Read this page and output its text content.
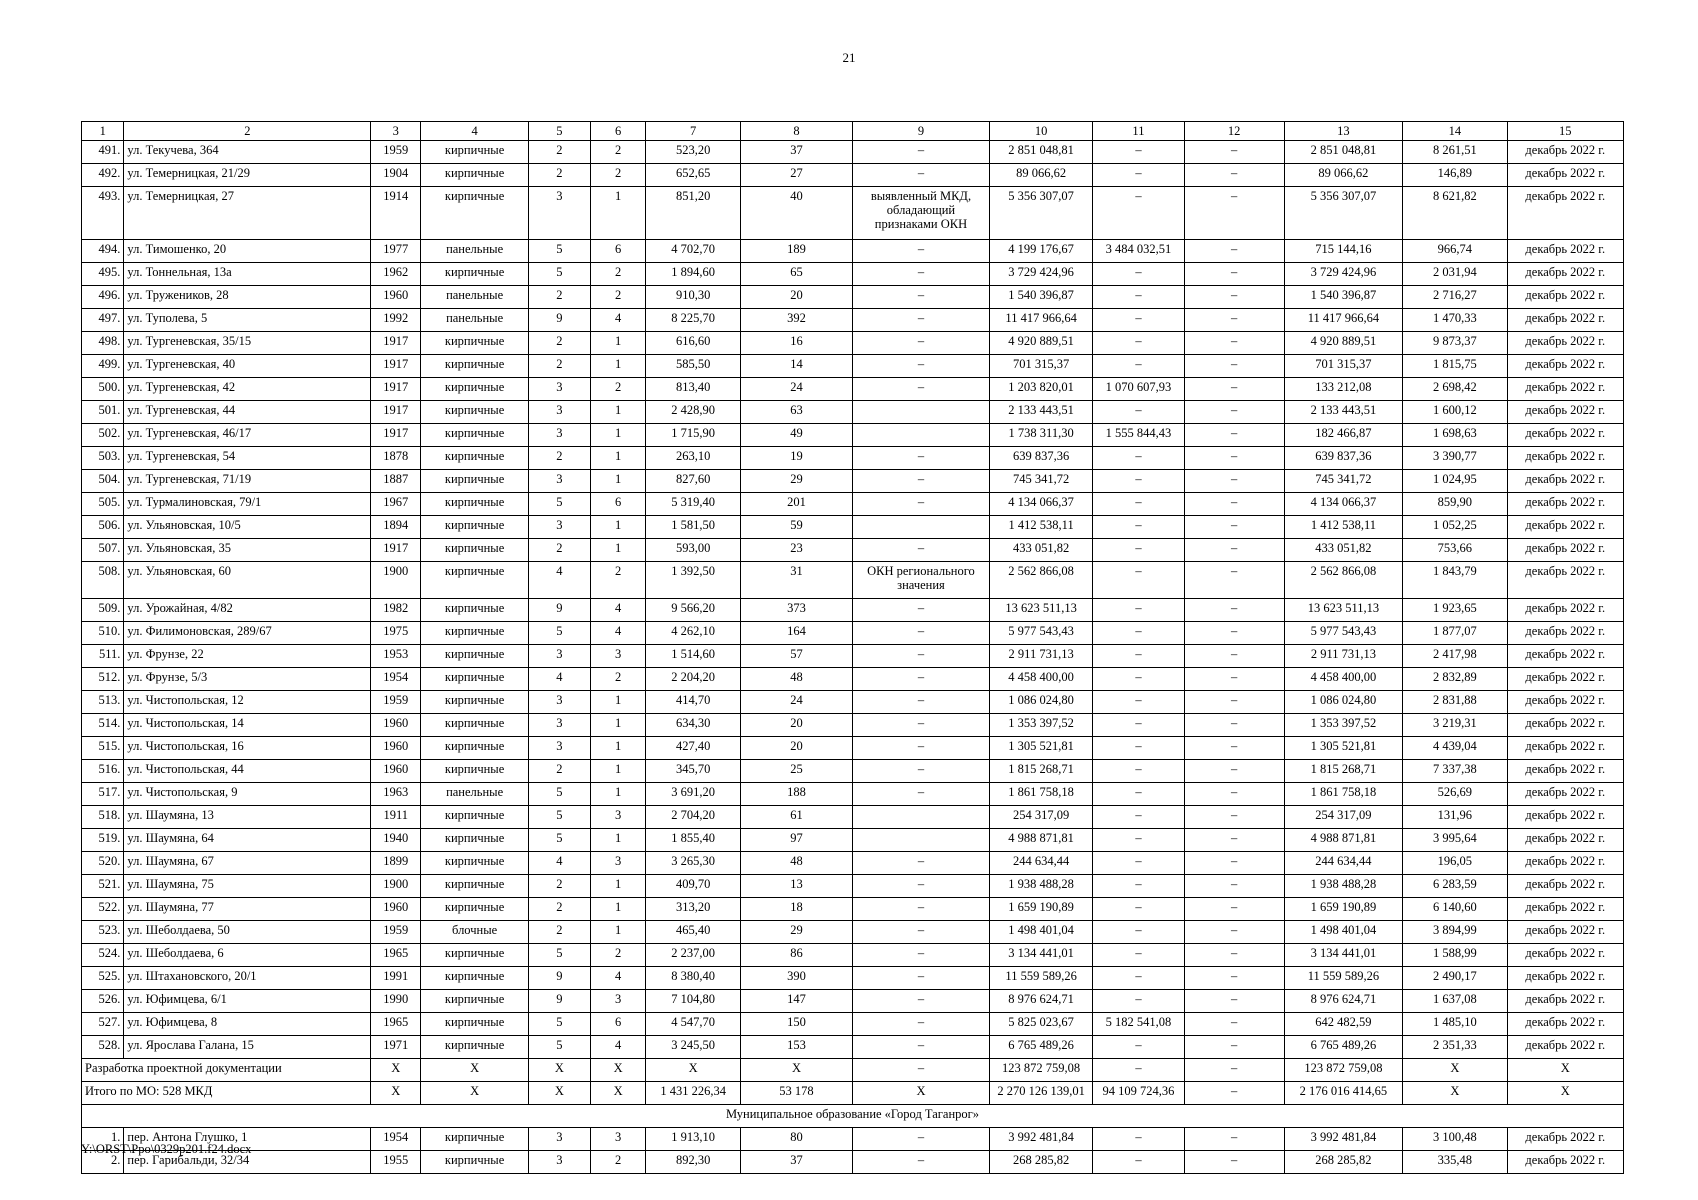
21
1	2	3	4	5	6	7	8	9	10	11	12	13	14	15
491.	ул. Текучева, 364	1959	кирпичные	2	2	523,20	37	–	2 851 048,81	–	–	2 851 048,81	8 261,51	декабрь 2022 г.
492.	ул. Темерницкая, 21/29	1904	кирпичные	2	2	652,65	27	–	89 066,62	–	–	89 066,62	146,89	декабрь 2022 г.
493.	ул. Темерницкая, 27	1914	кирпичные	3	1	851,20	40	выявленный МКД, обладающий признаками ОКН	5 356 307,07	–	–	5 356 307,07	8 621,82	декабрь 2022 г.
494.	ул. Тимошенко, 20	1977	панельные	5	6	4 702,70	189	–	4 199 176,67	3 484 032,51	–	715 144,16	966,74	декабрь 2022 г.
495.	ул. Тоннельная, 13а	1962	кирпичные	5	2	1 894,60	65	–	3 729 424,96	–	–	3 729 424,96	2 031,94	декабрь 2022 г.
496.	ул. Тружеников, 28	1960	панельные	2	2	910,30	20	–	1 540 396,87	–	–	1 540 396,87	2 716,27	декабрь 2022 г.
497.	ул. Туполева, 5	1992	панельные	9	4	8 225,70	392	–	11 417 966,64	–	–	11 417 966,64	1 470,33	декабрь 2022 г.
498.	ул. Тургеневская, 35/15	1917	кирпичные	2	1	616,60	16	–	4 920 889,51	–	–	4 920 889,51	9 873,37	декабрь 2022 г.
499.	ул. Тургеневская, 40	1917	кирпичные	2	1	585,50	14	–	701 315,37	–	–	701 315,37	1 815,75	декабрь 2022 г.
500.	ул. Тургеневская, 42	1917	кирпичные	3	2	813,40	24	–	1 203 820,01	1 070 607,93	–	133 212,08	2 698,42	декабрь 2022 г.
501.	ул. Тургеневская, 44	1917	кирпичные	3	1	2 428,90	63		2 133 443,51	–	–	2 133 443,51	1 600,12	декабрь 2022 г.
502.	ул. Тургеневская, 46/17	1917	кирпичные	3	1	1 715,90	49		1 738 311,30	1 555 844,43	–	182 466,87	1 698,63	декабрь 2022 г.
503.	ул. Тургеневская, 54	1878	кирпичные	2	1	263,10	19	–	639 837,36	–	–	639 837,36	3 390,77	декабрь 2022 г.
504.	ул. Тургеневская, 71/19	1887	кирпичные	3	1	827,60	29	–	745 341,72	–	–	745 341,72	1 024,95	декабрь 2022 г.
505.	ул. Турмалиновская, 79/1	1967	кирпичные	5	6	5 319,40	201	–	4 134 066,37	–	–	4 134 066,37	859,90	декабрь 2022 г.
506.	ул. Ульяновская, 10/5	1894	кирпичные	3	1	1 581,50	59		1 412 538,11	–	–	1 412 538,11	1 052,25	декабрь 2022 г.
507.	ул. Ульяновская, 35	1917	кирпичные	2	1	593,00	23	–	433 051,82	–	–	433 051,82	753,66	декабрь 2022 г.
508.	ул. Ульяновская, 60	1900	кирпичные	4	2	1 392,50	31	ОКН регионального значения	2 562 866,08	–	–	2 562 866,08	1 843,79	декабрь 2022 г.
509.	ул. Урожайная, 4/82	1982	кирпичные	9	4	9 566,20	373	–	13 623 511,13	–	–	13 623 511,13	1 923,65	декабрь 2022 г.
510.	ул. Филимоновская, 289/67	1975	кирпичные	5	4	4 262,10	164	–	5 977 543,43	–	–	5 977 543,43	1 877,07	декабрь 2022 г.
511.	ул. Фрунзе, 22	1953	кирпичные	3	3	1 514,60	57	–	2 911 731,13	–	–	2 911 731,13	2 417,98	декабрь 2022 г.
512.	ул. Фрунзе, 5/3	1954	кирпичные	4	2	2 204,20	48	–	4 458 400,00	–	–	4 458 400,00	2 832,89	декабрь 2022 г.
513.	ул. Чистопольская, 12	1959	кирпичные	3	1	414,70	24	–	1 086 024,80	–	–	1 086 024,80	2 831,88	декабрь 2022 г.
514.	ул. Чистопольская, 14	1960	кирпичные	3	1	634,30	20	–	1 353 397,52	–	–	1 353 397,52	3 219,31	декабрь 2022 г.
515.	ул. Чистопольская, 16	1960	кирпичные	3	1	427,40	20	–	1 305 521,81	–	–	1 305 521,81	4 439,04	декабрь 2022 г.
516.	ул. Чистопольская, 44	1960	кирпичные	2	1	345,70	25	–	1 815 268,71	–	–	1 815 268,71	7 337,38	декабрь 2022 г.
517.	ул. Чистопольская, 9	1963	панельные	5	1	3 691,20	188	–	1 861 758,18	–	–	1 861 758,18	526,69	декабрь 2022 г.
518.	ул. Шаумяна, 13	1911	кирпичные	5	3	2 704,20	61		254 317,09	–	–	254 317,09	131,96	декабрь 2022 г.
519.	ул. Шаумяна, 64	1940	кирпичные	5	1	1 855,40	97		4 988 871,81	–	–	4 988 871,81	3 995,64	декабрь 2022 г.
520.	ул. Шаумяна, 67	1899	кирпичные	4	3	3 265,30	48	–	244 634,44	–	–	244 634,44	196,05	декабрь 2022 г.
521.	ул. Шаумяна, 75	1900	кирпичные	2	1	409,70	13	–	1 938 488,28	–	–	1 938 488,28	6 283,59	декабрь 2022 г.
522.	ул. Шаумяна, 77	1960	кирпичные	2	1	313,20	18	–	1 659 190,89	–	–	1 659 190,89	6 140,60	декабрь 2022 г.
523.	ул. Шеболдаева, 50	1959	блочные	2	1	465,40	29	–	1 498 401,04	–	–	1 498 401,04	3 894,99	декабрь 2022 г.
524.	ул. Шеболдаева, 6	1965	кирпичные	5	2	2 237,00	86	–	3 134 441,01	–	–	3 134 441,01	1 588,99	декабрь 2022 г.
525.	ул. Штахановского, 20/1	1991	кирпичные	9	4	8 380,40	390	–	11 559 589,26	–	–	11 559 589,26	2 490,17	декабрь 2022 г.
526.	ул. Юфимцева, 6/1	1990	кирпичные	9	3	7 104,80	147	–	8 976 624,71	–	–	8 976 624,71	1 637,08	декабрь 2022 г.
527.	ул. Юфимцева, 8	1965	кирпичные	5	6	4 547,70	150	–	5 825 023,67	5 182 541,08	–	642 482,59	1 485,10	декабрь 2022 г.
528.	ул. Ярослава Галана, 15	1971	кирпичные	5	4	3 245,50	153	–	6 765 489,26	–	–	6 765 489,26	2 351,33	декабрь 2022 г.
Разработка проектной документации		X	X	X	X	X	X	–	123 872 759,08	–	–	123 872 759,08	X	X
Итого по МО: 528 МКД		X	X	X	X	1 431 226,34	53 178	X	2 270 126 139,01	94 109 724,36	–	2 176 016 414,65	X	X
Муниципальное образование «Город Таганрог»														
1.	пер. Антона Глушко, 1	1954	кирпичные	3	3	1 913,10	80	–	3 992 481,84	–	–	3 992 481,84	3 100,48	декабрь 2022 г.
2.	пер. Гарибальди, 32/34	1955	кирпичные	3	2	892,30	37	–	268 285,82	–	–	268 285,82	335,48	декабрь 2022 г.
Y:\ORST\Ppo\0329p201.f24.docx
